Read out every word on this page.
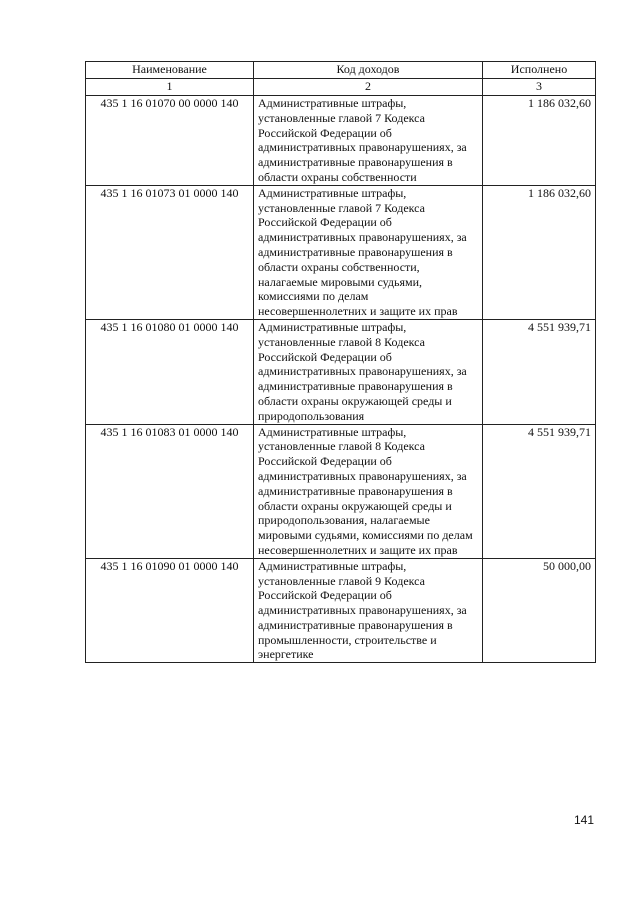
Наименование	Код доходов	Исполнено
1	2	3
435 1 16 01070 00 0000 140	Административные штрафы, установленные главой 7 Кодекса Российской Федерации об административных правонарушениях, за административные правонарушения в области охраны собственности	1 186 032,60
435 1 16 01073 01 0000 140	Административные штрафы, установленные главой 7 Кодекса Российской Федерации об административных правонарушениях, за административные правонарушения в области охраны собственности, налагаемые мировыми судьями, комиссиями по делам несовершеннолетних и защите их прав	1 186 032,60
435 1 16 01080 01 0000 140	Административные штрафы, установленные главой 8 Кодекса Российской Федерации об административных правонарушениях, за административные правонарушения в области охраны окружающей среды и природопользования	4 551 939,71
435 1 16 01083 01 0000 140	Административные штрафы, установленные главой 8 Кодекса Российской Федерации об административных правонарушениях, за административные правонарушения в области охраны окружающей среды и природопользования, налагаемые мировыми судьями, комиссиями по делам несовершеннолетних и защите их прав	4 551 939,71
435 1 16 01090 01 0000 140	Административные штрафы, установленные главой 9 Кодекса Российской Федерации об административных правонарушениях, за административные правонарушения в промышленности, строительстве и энергетике	50 000,00
141
